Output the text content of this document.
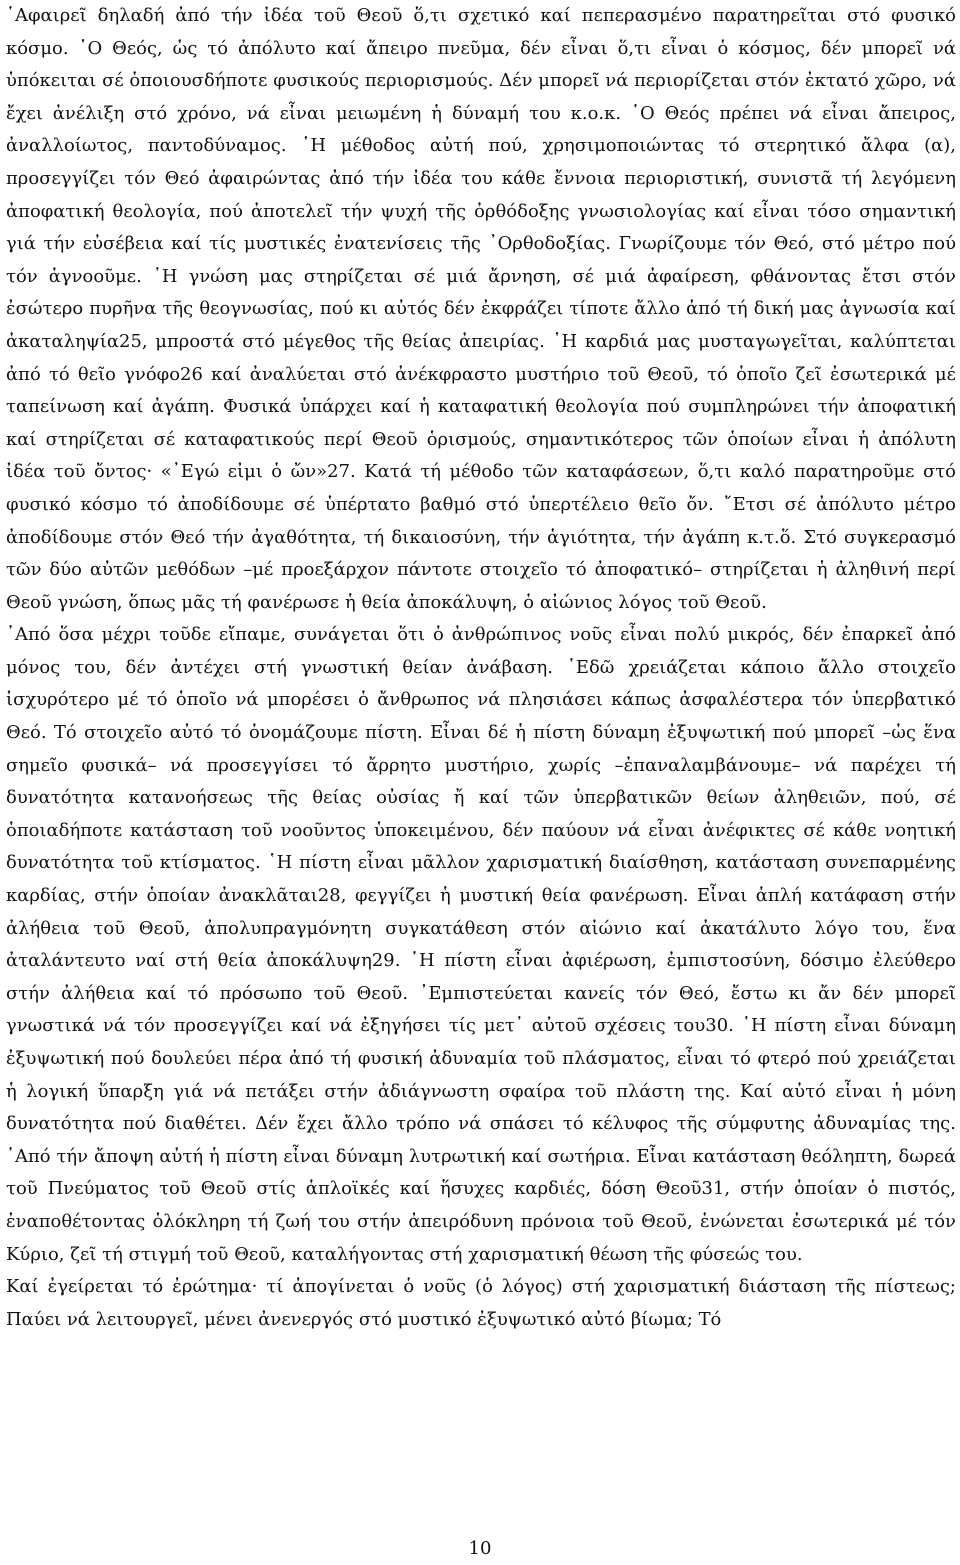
῾Αφαιρεῖ δηλαδή ἀπό τήν ἰδέα τοῦ Θεοῦ ὅ,τι σχετικό καί πεπερασμένο παρατηρεῖται στό φυσικό κόσμο. ῾Ο Θεός, ὡς τό ἀπόλυτο καί ἄπειρο πνεῦμα, δέν εἶναι ὅ,τι εἶναι ὁ κόσμος, δέν μπορεῖ νά ὑπόκειται σέ ὁποιουσδήποτε φυσικούς περιορισμούς. Δέν μπορεῖ νά περιορίζεται στόν ἐκτατό χῶρο, νά ἔχει ἀνέλιξη στό χρόνο, νά εἶναι μειωμένη ἡ δύναμή του κ.ο.κ. ῾Ο Θεός πρέπει νά εἶναι ἄπειρος, ἀναλλοίωτος, παντοδύναμος. ῾Η μέθοδος αὐτή πού, χρησιμοποιώντας τό στερητικό ἄλφα (α), προσεγγίζει τόν Θεό ἀφαιρώντας ἀπό τήν ἰδέα του κάθε ἔννοια περιοριστική, συνιστᾶ τή λεγόμενη ἀποφατική θεολογία, πού ἀποτελεῖ τήν ψυχή τῆς ὀρθόδοξης γνωσιολογίας καί εἶναι τόσο σημαντική γιά τήν εὐσέβεια καί τίς μυστικές ἐνατενίσεις τῆς ᾿Ορθοδοξίας. Γνωρίζουμε τόν Θεό, στό μέτρο πού τόν ἀγνοοῦμε. ῾Η γνώση μας στηρίζεται σέ μιά ἄρνηση, σέ μιά ἀφαίρεση, φθάνοντας ἔτσι στόν ἐσώτερο πυρῆνα τῆς θεογνωσίας, πού κι αὐτός δέν ἐκφράζει τίποτε ἄλλο ἀπό τή δική μας ἀγνωσία καί ἀκαταληψία25, μπροστά στό μέγεθος τῆς θείας ἀπειρίας. ῾Η καρδιά μας μυσταγωγεῖται, καλύπτεται ἀπό τό θεῖο γνόφο26 καί ἀναλύεται στό ἀνέκφραστο μυστήριο τοῦ Θεοῦ, τό ὁποῖο ζεῖ ἐσωτερικά μέ ταπείνωση καί ἀγάπη. Φυσικά ὑπάρχει καί ἡ καταφατική θεολογία πού συμπληρώνει τήν ἀποφατική καί στηρίζεται σέ καταφατικούς περί Θεοῦ ὁρισμούς, σημαντικότερος τῶν ὁποίων εἶναι ἡ ἀπόλυτη ἰδέα τοῦ ὄντος· «᾿Εγώ εἰμι ὁ ὤν»27. Κατά τή μέθοδο τῶν καταφάσεων, ὅ,τι καλό παρατηροῦμε στό φυσικό κόσμο τό ἀποδίδουμε σέ ὑπέρτατο βαθμό στό ὑπερτέλειο θεῖο ὄν. ῎Ετσι σέ ἀπόλυτο μέτρο ἀποδίδουμε στόν Θεό τήν ἀγαθότητα, τή δικαιοσύνη, τήν ἁγιότητα, τήν ἀγάπη κ.τ.ὅ. Στό συγκερασμό τῶν δύο αὐτῶν μεθόδων –μέ προεξάρχον πάντοτε στοιχεῖο τό ἀποφατικό– στηρίζεται ἡ ἀληθινή περί Θεοῦ γνώση, ὅπως μᾶς τή φανέρωσε ἡ θεία ἀποκάλυψη, ὁ αἰώνιος λόγος τοῦ Θεοῦ.

᾿Από ὅσα μέχρι τοῦδε εἴπαμε, συνάγεται ὅτι ὁ ἀνθρώπινος νοῦς εἶναι πολύ μικρός, δέν ἐπαρκεῖ ἀπό μόνος του, δέν ἀντέχει στή γνωστική θείαν ἀνάβαση. ᾿Εδῶ χρειάζεται κάποιο ἄλλο στοιχεῖο ἰσχυρότερο μέ τό ὁποῖο νά μπορέσει ὁ ἄνθρωπος νά πλησιάσει κάπως ἀσφαλέστερα τόν ὑπερβατικό Θεό. Τό στοιχεῖο αὐτό τό ὀνομάζουμε πίστη. Εἶναι δέ ἡ πίστη δύναμη ἐξυψωτική πού μπορεῖ –ὡς ἕνα σημεῖο φυσικά– νά προσεγγίσει τό ἄρρητο μυστήριο, χωρίς –ἐπαναλαμβάνουμε– νά παρέχει τή δυνατότητα κατανοήσεως τῆς θείας οὐσίας ἤ καί τῶν ὑπερβατικῶν θείων ἀληθειῶν, πού, σέ ὁποιαδήποτε κατάσταση τοῦ νοοῦντος ὑποκειμένου, δέν παύουν νά εἶναι ἀνέφικτες σέ κάθε νοητική δυνατότητα τοῦ κτίσματος. ῾Η πίστη εἶναι μᾶλλον χαρισματική διαίσθηση, κατάσταση συνεπαρμένης καρδίας, στήν ὁποίαν ἀνακλᾶται28, φεγγίζει ἡ μυστική θεία φανέρωση. Εἶναι ἁπλή κατάφαση στήν ἀλήθεια τοῦ Θεοῦ, ἀπολυπραγμόνητη συγκατάθεση στόν αἰώνιο καί ἀκατάλυτο λόγο του, ἕνα ἀταλάντευτο ναί στή θεία ἀποκάλυψη29. ῾Η πίστη εἶναι ἀφιέρωση, ἐμπιστοσύνη, δόσιμο ἐλεύθερο στήν ἀλήθεια καί τό πρόσωπο τοῦ Θεοῦ. ᾿Εμπιστεύεται κανείς τόν Θεό, ἔστω κι ἄν δέν μπορεῖ γνωστικά νά τόν προσεγγίζει καί νά ἐξηγήσει τίς μετ᾿ αὐτοῦ σχέσεις του30. ῾Η πίστη εἶναι δύναμη ἐξυψωτική πού δουλεύει πέρα ἀπό τή φυσική ἀδυναμία τοῦ πλάσματος, εἶναι τό φτερό πού χρειάζεται ἡ λογική ὕπαρξη γιά νά πετάξει στήν ἀδιάγνωστη σφαίρα τοῦ πλάστη της. Καί αὐτό εἶναι ἡ μόνη δυνατότητα πού διαθέτει. Δέν ἔχει ἄλλο τρόπο νά σπάσει τό κέλυφος τῆς σύμφυτης ἀδυναμίας της. ᾿Από τήν ἄποψη αὐτή ἡ πίστη εἶναι δύναμη λυτρωτική καί σωτήρια. Εἶναι κατάσταση θεόληπτη, δωρεά τοῦ Πνεύματος τοῦ Θεοῦ στίς ἁπλοϊκές καί ἥσυχες καρδιές, δόση Θεοῦ31, στήν ὁποίαν ὁ πιστός, ἐναποθέτοντας ὁλόκληρη τή ζωή του στήν ἀπειρόδυνη πρόνοια τοῦ Θεοῦ, ἑνώνεται ἐσωτερικά μέ τόν Κύριο, ζεῖ τή στιγμή τοῦ Θεοῦ, καταλήγοντας στή χαρισματική θέωση τῆς φύσεώς του.

Καί ἐγείρεται τό ἐρώτημα· τί ἀπογίνεται ὁ νοῦς (ὁ λόγος) στή χαρισματική διάσταση τῆς πίστεως; Παύει νά λειτουργεῖ, μένει ἀνενεργός στό μυστικό ἐξυψωτικό αὐτό βίωμα; Τό

10
